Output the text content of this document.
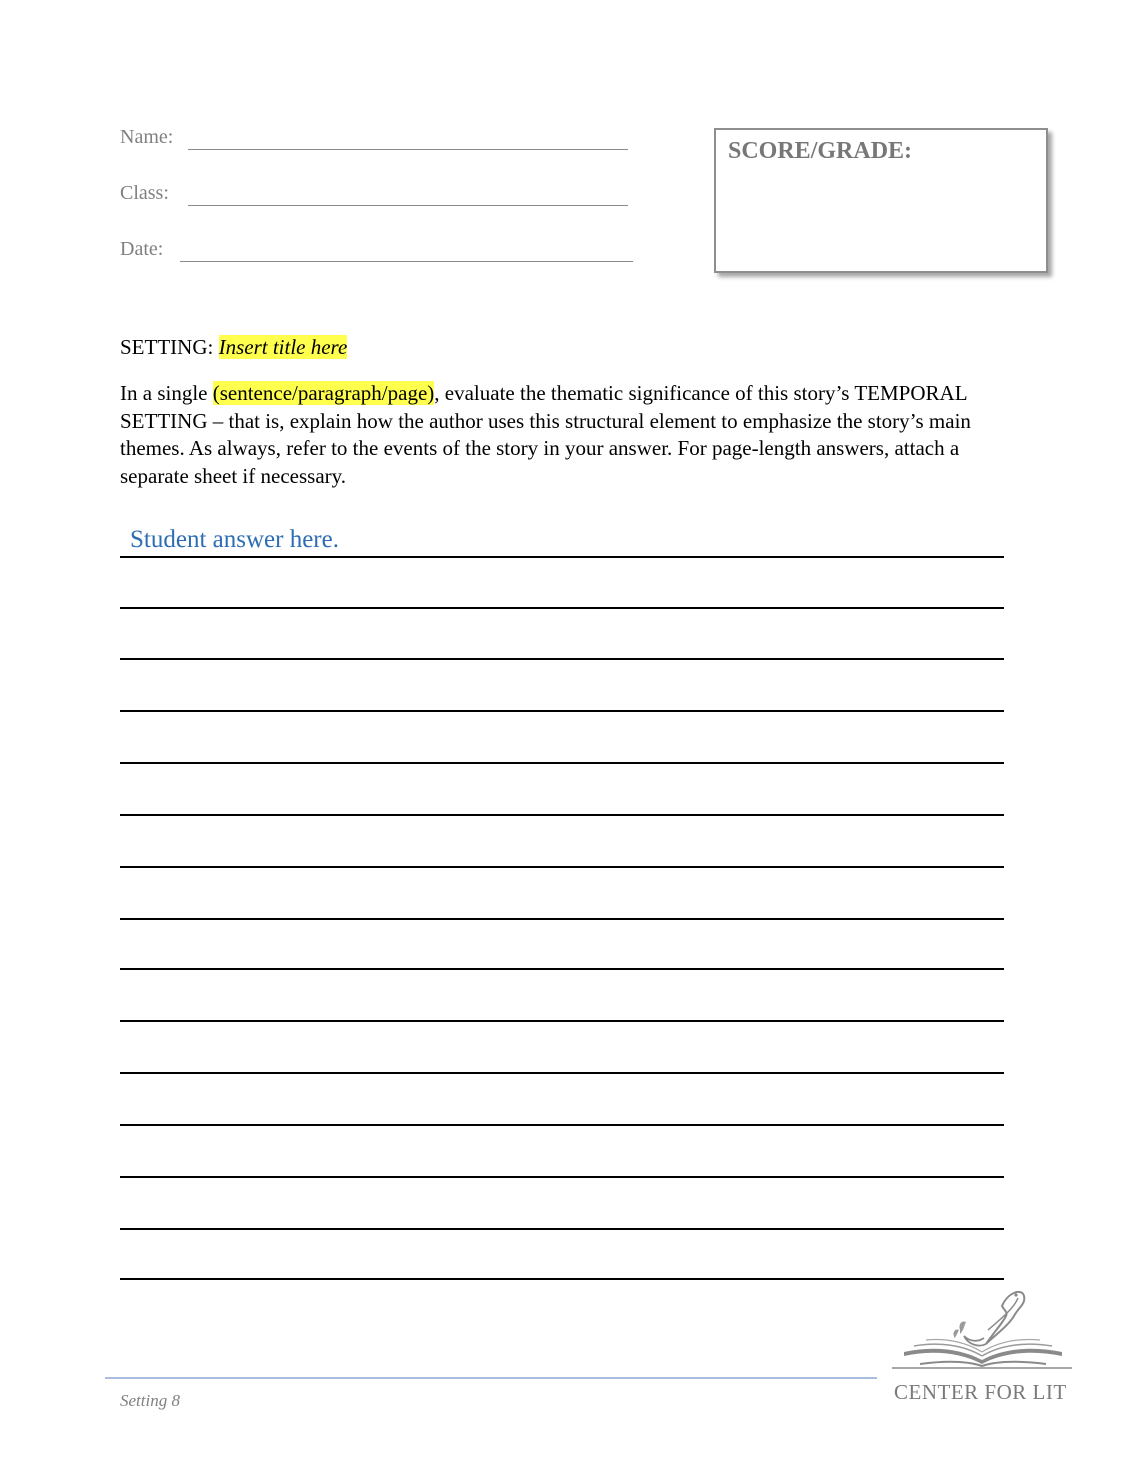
Name:
Class:
Date:
SCORE/GRADE:
SETTING: Insert title here
In a single (sentence/paragraph/page), evaluate the thematic significance of this story’s TEMPORAL SETTING – that is, explain how the author uses this structural element to emphasize the story’s main themes. As always, refer to the events of the story in your answer. For page-length answers, attach a separate sheet if necessary.
Student answer here.
Setting 8	CENTER FOR LIT
